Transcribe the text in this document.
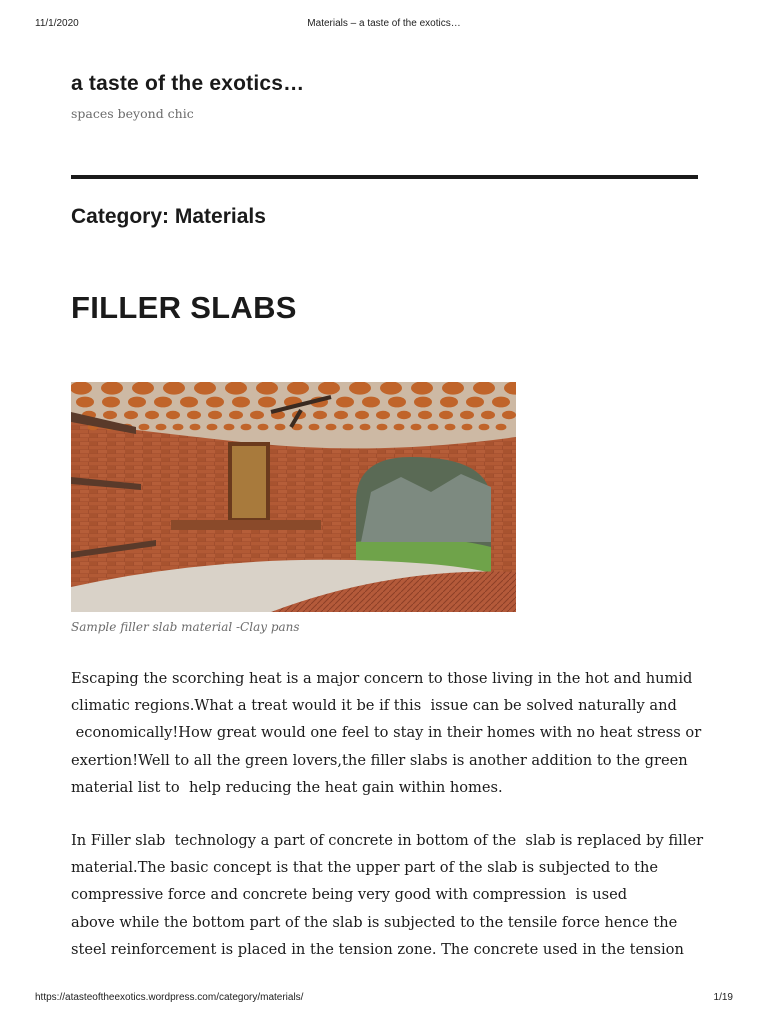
11/1/2020	Materials – a taste of the exotics…
a taste of the exotics…
spaces beyond chic
Category: Materials
FILLER SLABS
Sample filler slab material -Clay pans
Escaping the scorching heat is a major concern to those living in the hot and humid
climatic regions.What a treat would it be if this  issue can be solved naturally and
economically!How great would one feel to stay in their homes with no heat stress or
exertion!Well to all the green lovers,the filler slabs is another addition to the green
material list to  help reducing the heat gain within homes.
In Filler slab  technology a part of concrete in bottom of the  slab is replaced by filler
material.The basic concept is that the upper part of the slab is subjected to the
compressive force and concrete being very good with compression  is used
above while the bottom part of the slab is subjected to the tensile force hence the
steel reinforcement is placed in the tension zone. The concrete used in the tension
https://atasteoftheexotics.wordpress.com/category/materials/	1/19
